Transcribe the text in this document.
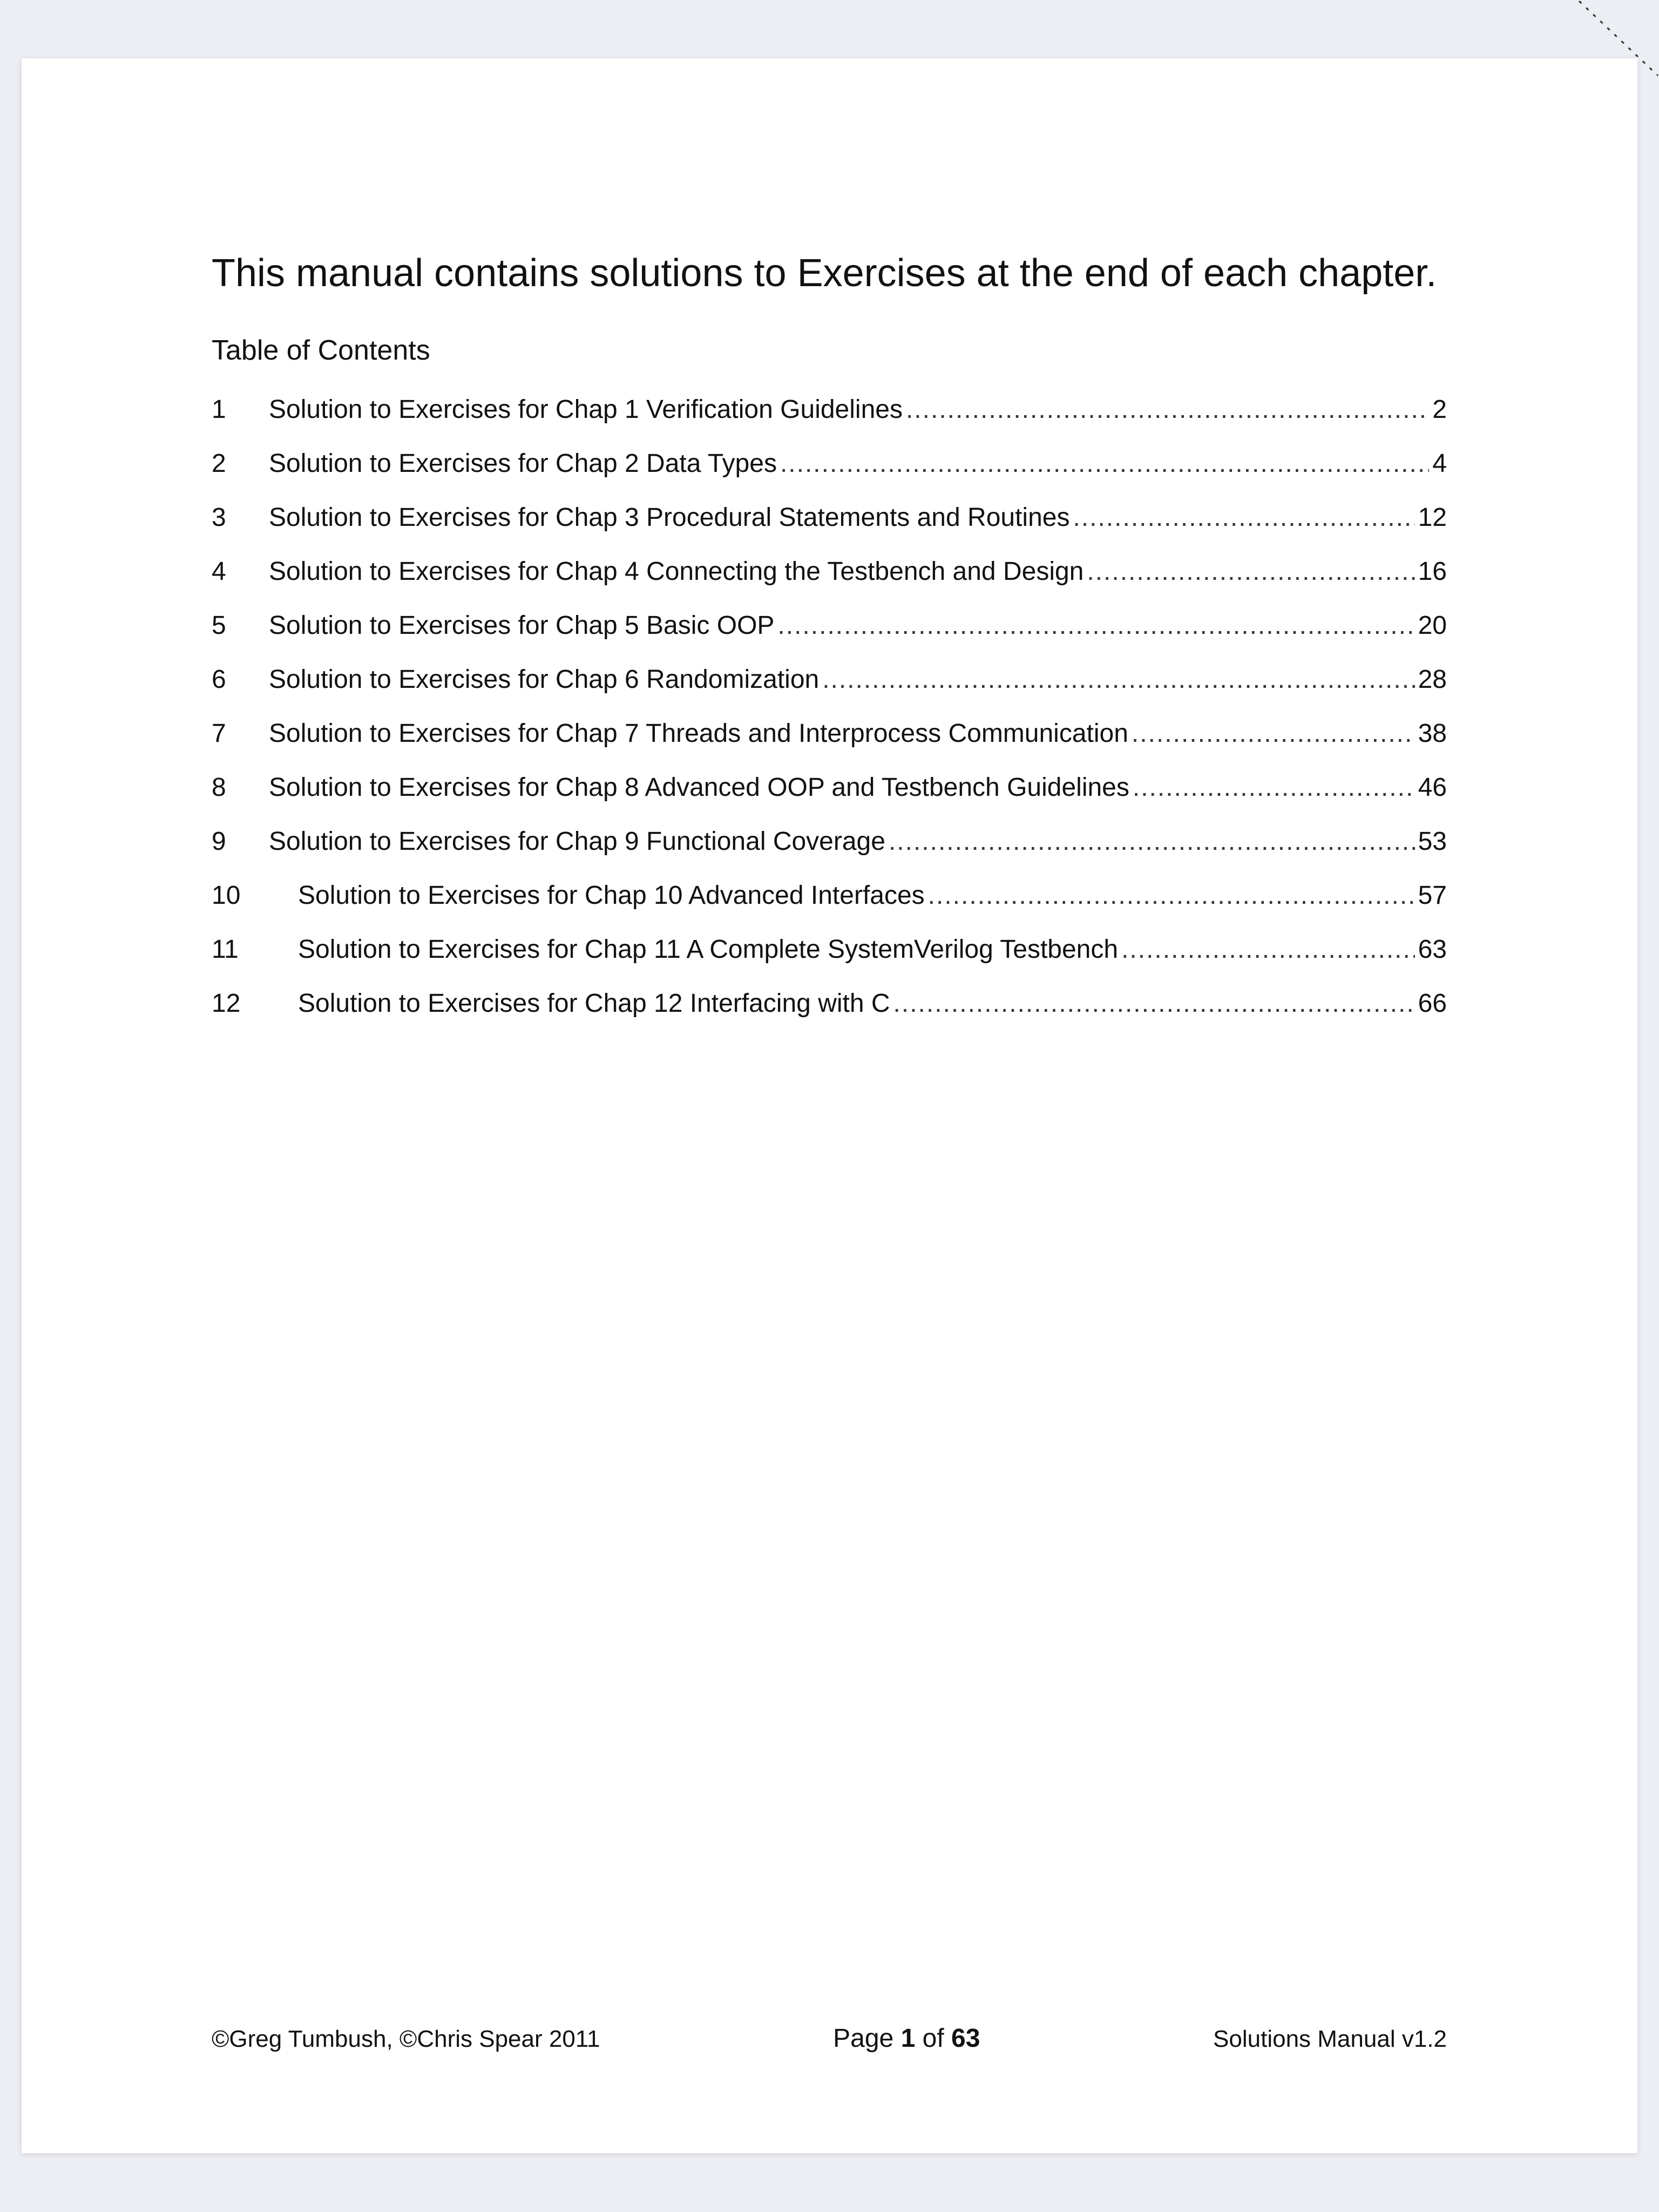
This manual contains solutions to Exercises at the end of each chapter.
Table of Contents
1	Solution to Exercises for Chap 1 Verification Guidelines .....	2
2	Solution to Exercises for Chap 2 Data Types .....	4
3	Solution to Exercises for Chap 3 Procedural Statements and Routines .....	12
4	Solution to Exercises for Chap 4 Connecting the Testbench and Design .....	16
5	Solution to Exercises for Chap 5 Basic OOP .....	20
6	Solution to Exercises for Chap 6 Randomization .....	28
7	Solution to Exercises for Chap 7 Threads and Interprocess Communication .....	38
8	Solution to Exercises for Chap 8 Advanced OOP and Testbench Guidelines .....	46
9	Solution to Exercises for Chap 9 Functional Coverage .....	53
10	Solution to Exercises for Chap 10 Advanced Interfaces .....	57
11	Solution to Exercises for Chap 11 A Complete SystemVerilog Testbench .....	63
12	Solution to Exercises for Chap 12 Interfacing with C .....	66
©Greg Tumbush, ©Chris Spear 2011	Page 1 of 63	Solutions Manual v1.2
